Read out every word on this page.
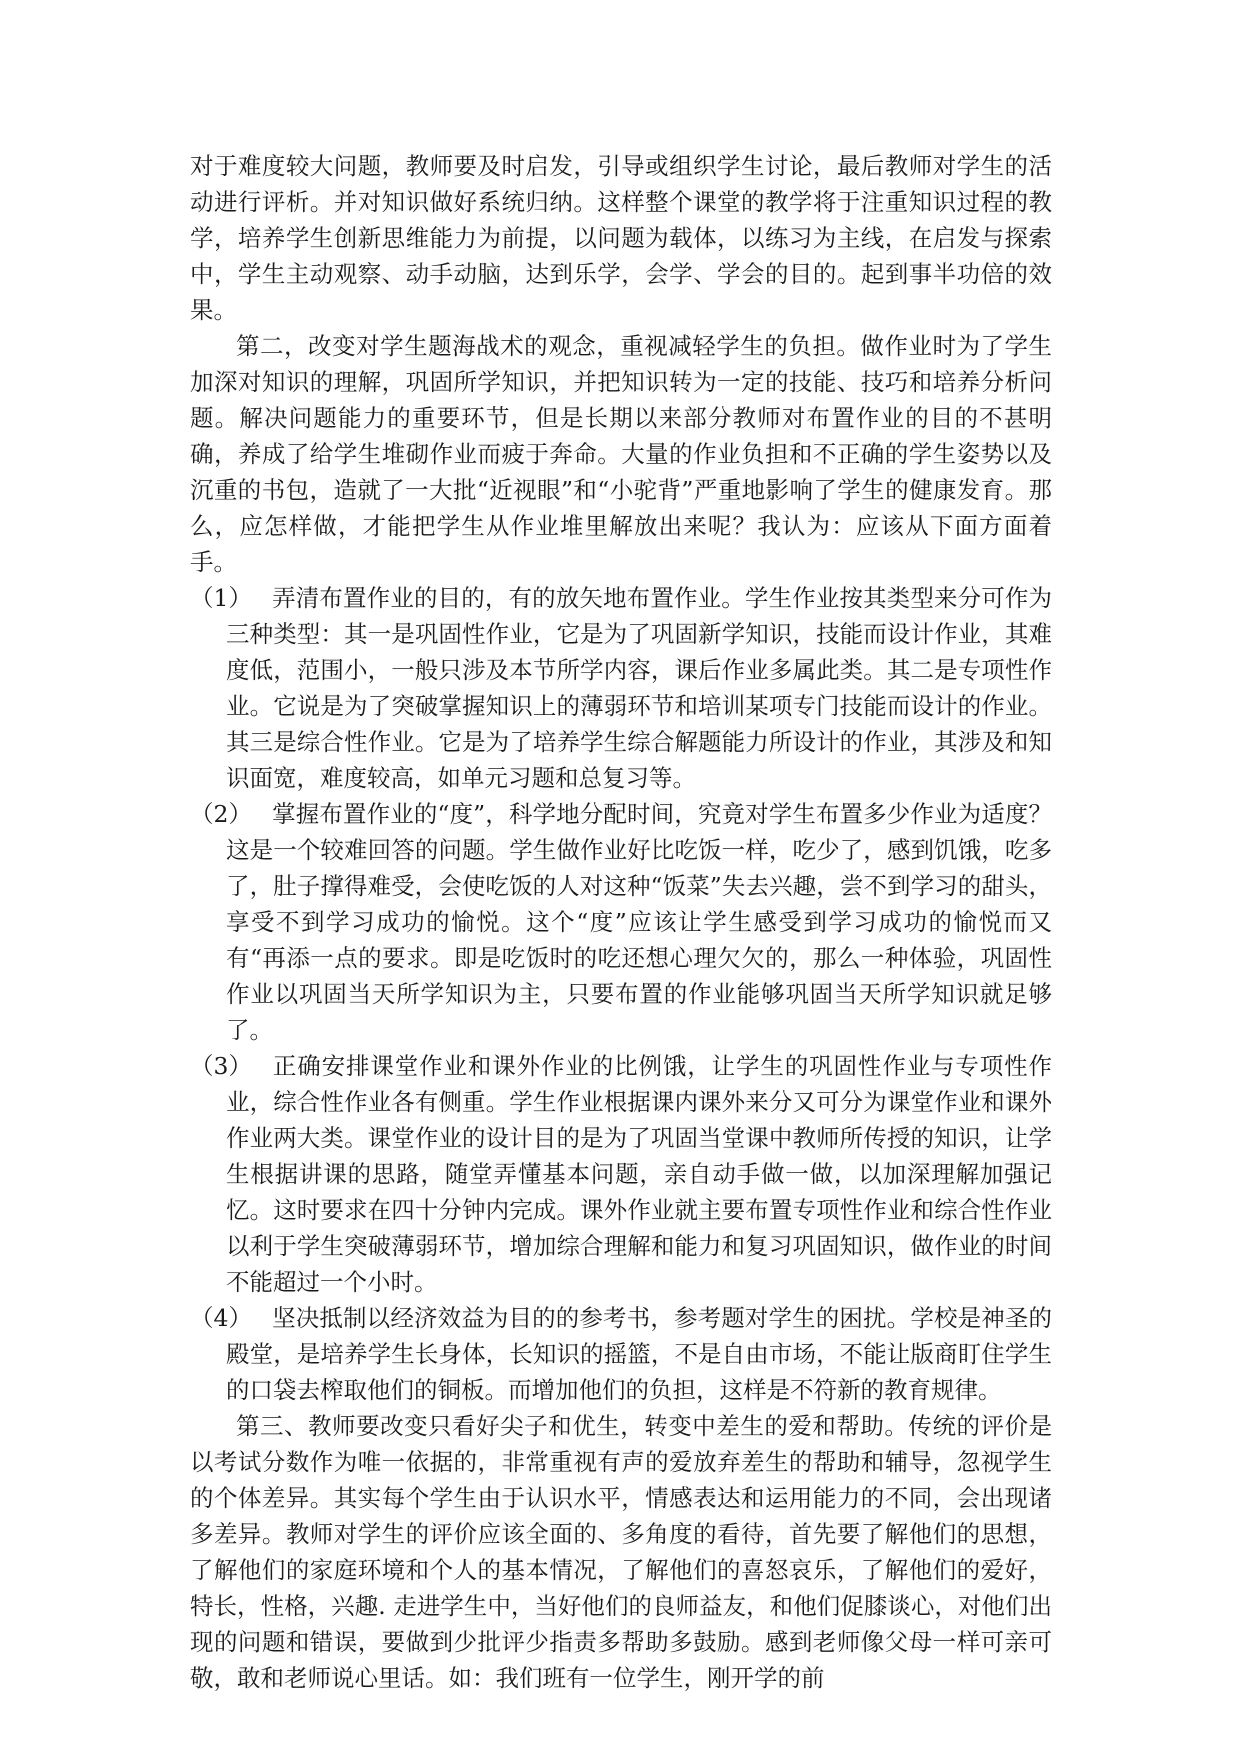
对于难度较大问题，教师要及时启发，引导或组织学生讨论，最后教师对学生的活动进行评析。并对知识做好系统归纳。这样整个课堂的教学将于注重知识过程的教学，培养学生创新思维能力为前提，以问题为载体，以练习为主线，在启发与探索中，学生主动观察、动手动脑，达到乐学，会学、学会的目的。起到事半功倍的效果。

第二，改变对学生题海战术的观念，重视减轻学生的负担。做作业时为了学生加深对知识的理解，巩固所学知识，并把知识转为一定的技能、技巧和培养分析问题。解决问题能力的重要环节，但是长期以来部分教师对布置作业的目的不甚明确，养成了给学生堆砌作业而疲于奔命。大量的作业负担和不正确的学生姿势以及沉重的书包，造就了一大批“近视眼”和“小驼背”严重地影响了学生的健康发育。那么，应怎样做，才能把学生从作业堆里解放出来呢？我认为：应该从下面方面着手。

（1） 弄清布置作业的目的，有的放矢地布置作业。学生作业按其类型来分可作为三种类型：其一是巩固性作业，它是为了巩固新学知识，技能而设计作业，其难度低，范围小，一般只涉及本节所学内容，课后作业多属此类。其二是专项性作业。它说是为了突破掌握知识上的薄弱环节和培训某项专门技能而设计的作业。其三是综合性作业。它是为了培养学生综合解题能力所设计的作业，其涉及和知识面宽，难度较高，如单元习题和总复习等。
（2） 掌握布置作业的“度”，科学地分配时间，究竟对学生布置多少作业为适度？这是一个较难回答的问题。学生做作业好比吃饭一样，吃少了，感到饥饿，吃多了，肚子撑得难受，会使吃饭的人对这种“饭菜”失去兴趣，尝不到学习的甜头，享受不到学习成功的愉悦。这个“度”应该让学生感受到学习成功的愉悦而又有“再添一点的要求。即是吃饭时的吃还想心理欠欠的，那么一种体验，巩固性作业以巩固当天所学知识为主，只要布置的作业能够巩固当天所学知识就足够了。
（3） 正确安排课堂作业和课外作业的比例饿，让学生的巩固性作业与专项性作业，综合性作业各有侧重。学生作业根据课内课外来分又可分为课堂作业和课外作业两大类。课堂作业的设计目的是为了巩固当堂课中教师所传授的知识，让学生根据讲课的思路，随堂弄懂基本问题，亲自动手做一做，以加深理解加强记忆。这时要求在四十分钟内完成。课外作业就主要布置专项性作业和综合性作业以利于学生突破薄弱环节，增加综合理解和能力和复习巩固知识，做作业的时间不能超过一个小时。
（4） 坚决抵制以经济效益为目的的参考书，参考题对学生的困扰。学校是神圣的殿堂，是培养学生长身体，长知识的摇篮，不是自由市场，不能让版商盯住学生的口袋去榨取他们的铜板。而增加他们的负担，这样是不符新的教育规律。

第三、教师要改变只看好尖子和优生，转变中差生的爱和帮助。传统的评价是以考试分数作为唯一依据的，非常重视有声的爱放弃差生的帮助和辅导，忽视学生的个体差异。其实每个学生由于认识水平，情感表达和运用能力的不同，会出现诸多差异。教师对学生的评价应该全面的、多角度的看待，首先要了解他们的思想，了解他们的家庭环境和个人的基本情况，了解他们的喜怒哀乐，了解他们的爱好，特长，性格，兴趣. 走进学生中，当好他们的良师益友，和他们促膝谈心，对他们出现的问题和错误，要做到少批评少指责多帮助多鼓励。感到老师像父母一样可亲可敬，敢和老师说心里话。如：我们班有一位学生，刚开学的前
